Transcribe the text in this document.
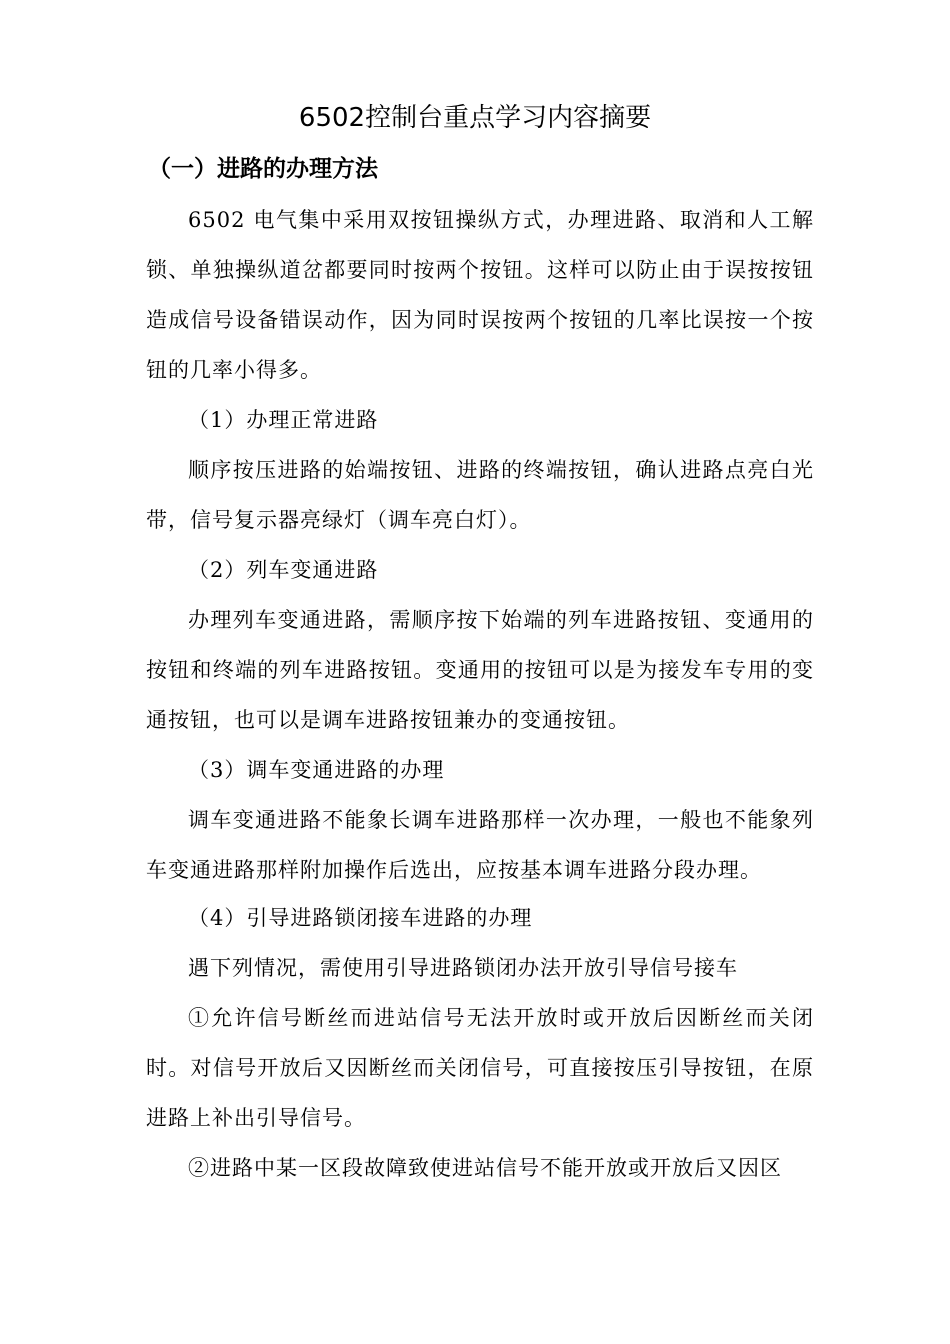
6502控制台重点学习内容摘要
（一）进路的办理方法
6502 电气集中采用双按钮操纵方式，办理进路、取消和人工解锁、单独操纵道岔都要同时按两个按钮。这样可以防止由于误按按钮造成信号设备错误动作，因为同时误按两个按钮的几率比误按一个按钮的几率小得多。
（1）办理正常进路
顺序按压进路的始端按钮、进路的终端按钮，确认进路点亮白光带，信号复示器亮绿灯（调车亮白灯）。
（2）列车变通进路
办理列车变通进路，需顺序按下始端的列车进路按钮、变通用的按钮和终端的列车进路按钮。变通用的按钮可以是为接发车专用的变通按钮，也可以是调车进路按钮兼办的变通按钮。
（3）调车变通进路的办理
调车变通进路不能象长调车进路那样一次办理，一般也不能象列车变通进路那样附加操作后选出，应按基本调车进路分段办理。
（4）引导进路锁闭接车进路的办理
遇下列情况，需使用引导进路锁闭办法开放引导信号接车
①允许信号断丝而进站信号无法开放时或开放后因断丝而关闭时。对信号开放后又因断丝而关闭信号，可直接按压引导按钮，在原进路上补出引导信号。
②进路中某一区段故障致使进站信号不能开放或开放后又因区
